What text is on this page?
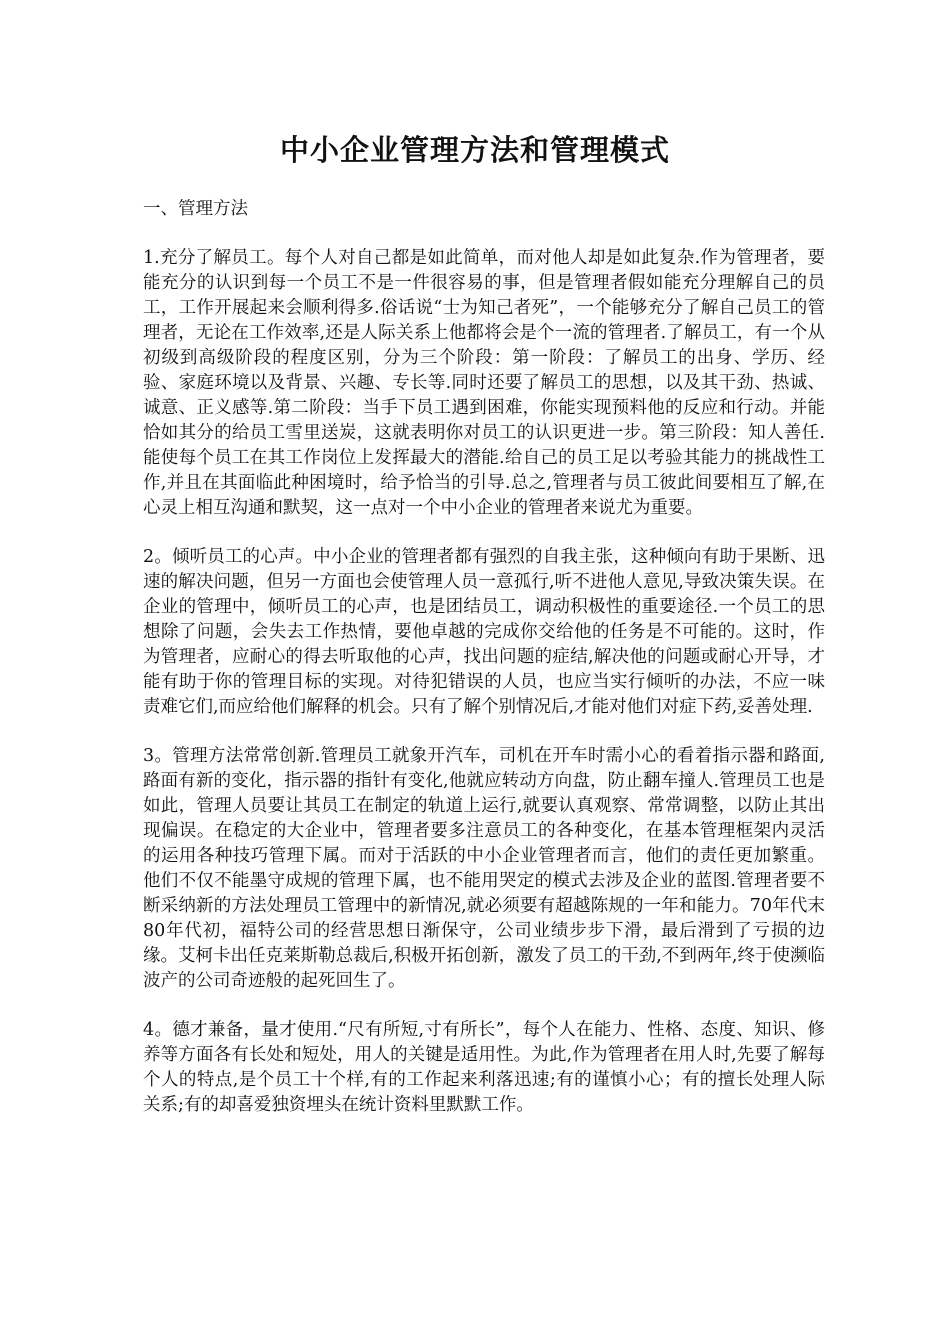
中小企业管理方法和管理模式

一、管理方法

1.充分了解员工。每个人对自己都是如此简单，而对他人却是如此复杂.作为管理者，要能充分的认识到每一个员工不是一件很容易的事，但是管理者假如能充分理解自己的员工，工作开展起来会顺利得多.俗话说“士为知己者死”，一个能够充分了解自己员工的管理者，无论在工作效率,还是人际关系上他都将会是个一流的管理者.了解员工，有一个从初级到高级阶段的程度区别，分为三个阶段：第一阶段：了解员工的出身、学历、经验、家庭环境以及背景、兴趣、专长等.同时还要了解员工的思想，以及其干劲、热诚、诚意、正义感等.第二阶段：当手下员工遇到困难，你能实现预料他的反应和行动。并能恰如其分的给员工雪里送炭，这就表明你对员工的认识更进一步。第三阶段：知人善任.能使每个员工在其工作岗位上发挥最大的潜能.给自己的员工足以考验其能力的挑战性工作,并且在其面临此种困境时，给予恰当的引导.总之,管理者与员工彼此间要相互了解,在心灵上相互沟通和默契，这一点对一个中小企业的管理者来说尤为重要。

2。倾听员工的心声。中小企业的管理者都有强烈的自我主张，这种倾向有助于果断、迅速的解决问题，但另一方面也会使管理人员一意孤行,听不进他人意见,导致决策失误。在企业的管理中，倾听员工的心声，也是团结员工，调动积极性的重要途径.一个员工的思想除了问题，会失去工作热情，要他卓越的完成你交给他的任务是不可能的。这时，作为管理者，应耐心的得去听取他的心声，找出问题的症结,解决他的问题或耐心开导，才能有助于你的管理目标的实现。对待犯错误的人员，也应当实行倾听的办法，不应一味责难它们,而应给他们解释的机会。只有了解个别情况后,才能对他们对症下药,妥善处理.

3。管理方法常常创新.管理员工就象开汽车，司机在开车时需小心的看着指示器和路面,路面有新的变化，指示器的指针有变化,他就应转动方向盘，防止翻车撞人.管理员工也是如此，管理人员要让其员工在制定的轨道上运行,就要认真观察、常常调整，以防止其出现偏误。在稳定的大企业中，管理者要多注意员工的各种变化，在基本管理框架内灵活的运用各种技巧管理下属。而对于活跃的中小企业管理者而言，他们的责任更加繁重。他们不仅不能墨守成规的管理下属，也不能用哭定的模式去涉及企业的蓝图.管理者要不断采纳新的方法处理员工管理中的新情况,就必须要有超越陈规的一年和能力。70年代末80年代初，福特公司的经营思想日渐保守，公司业绩步步下滑，最后滑到了亏损的边缘。艾柯卡出任克莱斯勒总裁后,积极开拓创新，激发了员工的干劲,不到两年,终于使濒临波产的公司奇迹般的起死回生了。

4。德才兼备，量才使用.“尺有所短,寸有所长”，每个人在能力、性格、态度、知识、修养等方面各有长处和短处，用人的关键是适用性。为此,作为管理者在用人时,先要了解每个人的特点,是个员工十个样,有的工作起来利落迅速;有的谨慎小心；有的擅长处理人际关系;有的却喜爱独资埋头在统计资料里默默工作。
